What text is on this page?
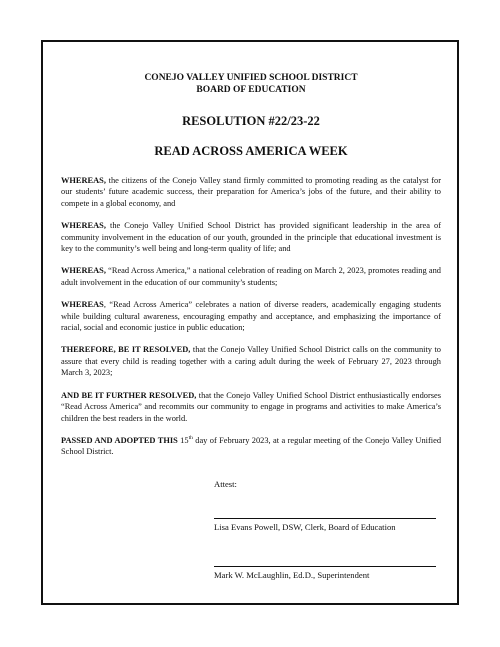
CONEJO VALLEY UNIFIED SCHOOL DISTRICT

BOARD OF EDUCATION

RESOLUTION #22/23-22

READ ACROSS AMERICA WEEK

WHEREAS, the citizens of the Conejo Valley stand firmly committed to promoting reading as the catalyst for our students’ future academic success, their preparation for America’s jobs of the future, and their ability to compete in a global economy, and

WHEREAS, the Conejo Valley Unified School District has provided significant leadership in the area of community involvement in the education of our youth, grounded in the principle that educational investment is key to the community’s well being and long-term quality of life; and

WHEREAS, “Read Across America,” a national celebration of reading on March 2, 2023, promotes reading and adult involvement in the education of our community’s students;

WHEREAS, “Read Across America” celebrates a nation of diverse readers, academically engaging students while building cultural awareness, encouraging empathy and acceptance, and emphasizing the importance of racial, social and economic justice in public education;

THEREFORE, BE IT RESOLVED, that the Conejo Valley Unified School District calls on the community to assure that every child is reading together with a caring adult during the week of February 27, 2023 through March 3, 2023;

AND BE IT FURTHER RESOLVED, that the Conejo Valley Unified School District enthusiastically endorses “Read Across America” and recommits our community to engage in programs and activities to make America’s children the best readers in the world.

PASSED AND ADOPTED THIS 15th day of February 2023, at a regular meeting of the Conejo Valley Unified School District.

Attest:
Lisa Evans Powell, DSW, Clerk, Board of Education
Mark W. McLaughlin, Ed.D., Superintendent
